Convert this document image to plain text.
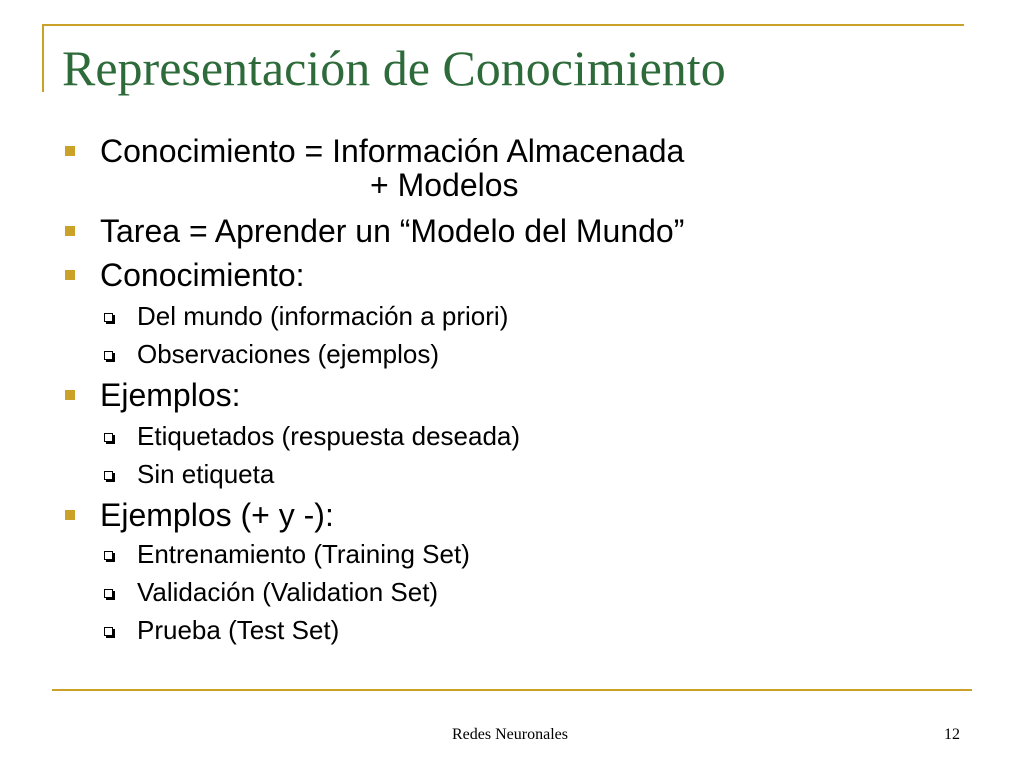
Representación de Conocimiento
Conocimiento = Información Almacenada
+ Modelos
Tarea = Aprender un “Modelo del Mundo”
Conocimiento:
Del mundo (información a priori)
Observaciones (ejemplos)
Ejemplos:
Etiquetados (respuesta deseada)
Sin etiqueta
Ejemplos (+ y -):
Entrenamiento (Training Set)
Validación (Validation Set)
Prueba (Test Set)
Redes Neuronales	12
